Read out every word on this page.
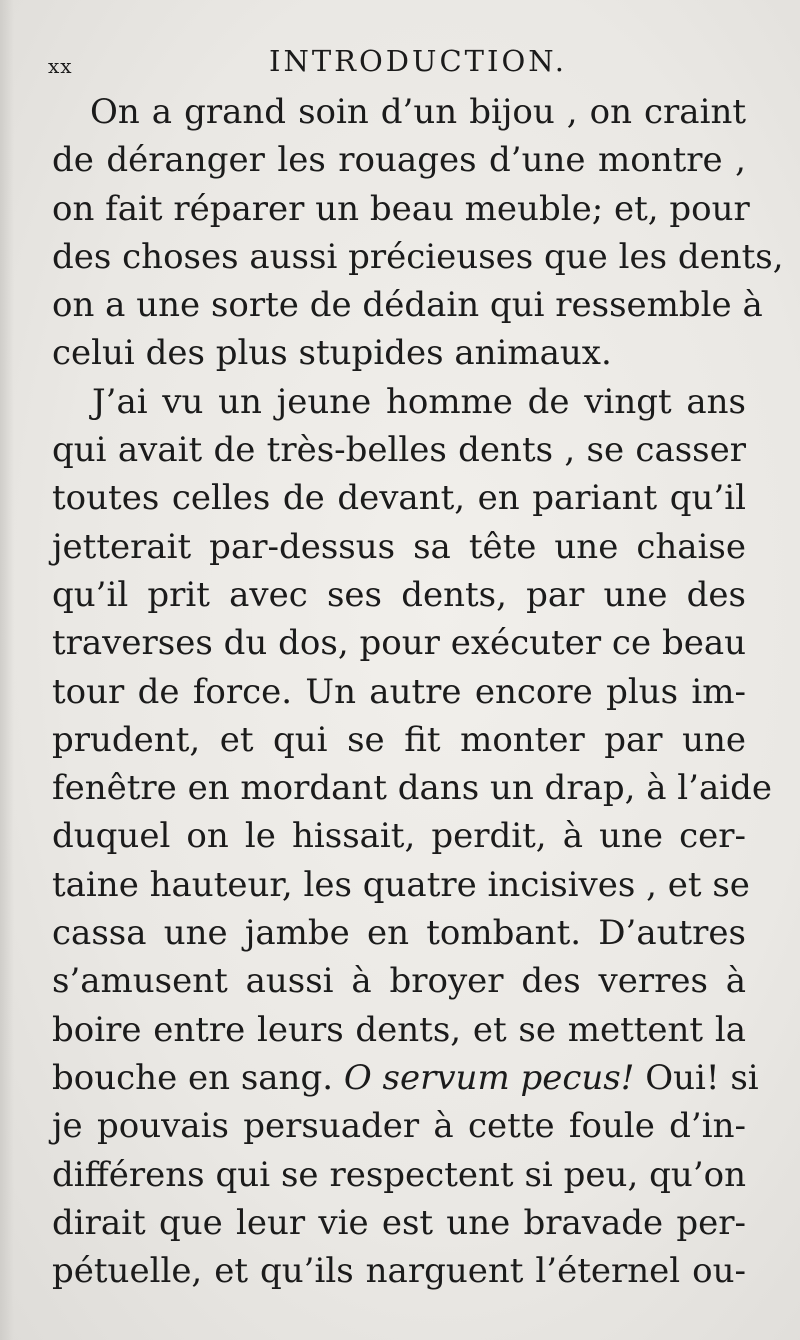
xx	INTRODUCTION.
On a grand soin d’un bijou , on craint
de déranger les rouages d’une montre ,
on fait réparer un beau meuble; et, pour
des choses aussi précieuses que les dents,
on a une sorte de dédain qui ressemble à
celui des plus stupides animaux.
J’ai vu un jeune homme de vingt ans
qui avait de très-belles dents , se casser
toutes celles de devant, en pariant qu’il
jetterait par-dessus sa tête une chaise
qu’il prit avec ses dents, par une des
traverses du dos, pour exécuter ce beau
tour de force. Un autre encore plus im-
prudent, et qui se fit monter par une
fenêtre en mordant dans un drap, à l’aide
duquel on le hissait, perdit, à une cer-
taine hauteur, les quatre incisives , et se
cassa une jambe en tombant. D’autres
s’amusent aussi à broyer des verres à
boire entre leurs dents, et se mettent la
bouche en sang. O servum pecus! Oui! si
je pouvais persuader à cette foule d’in-
différens qui se respectent si peu, qu’on
dirait que leur vie est une bravade per-
pétuelle, et qu’ils narguent l’éternel ou-
